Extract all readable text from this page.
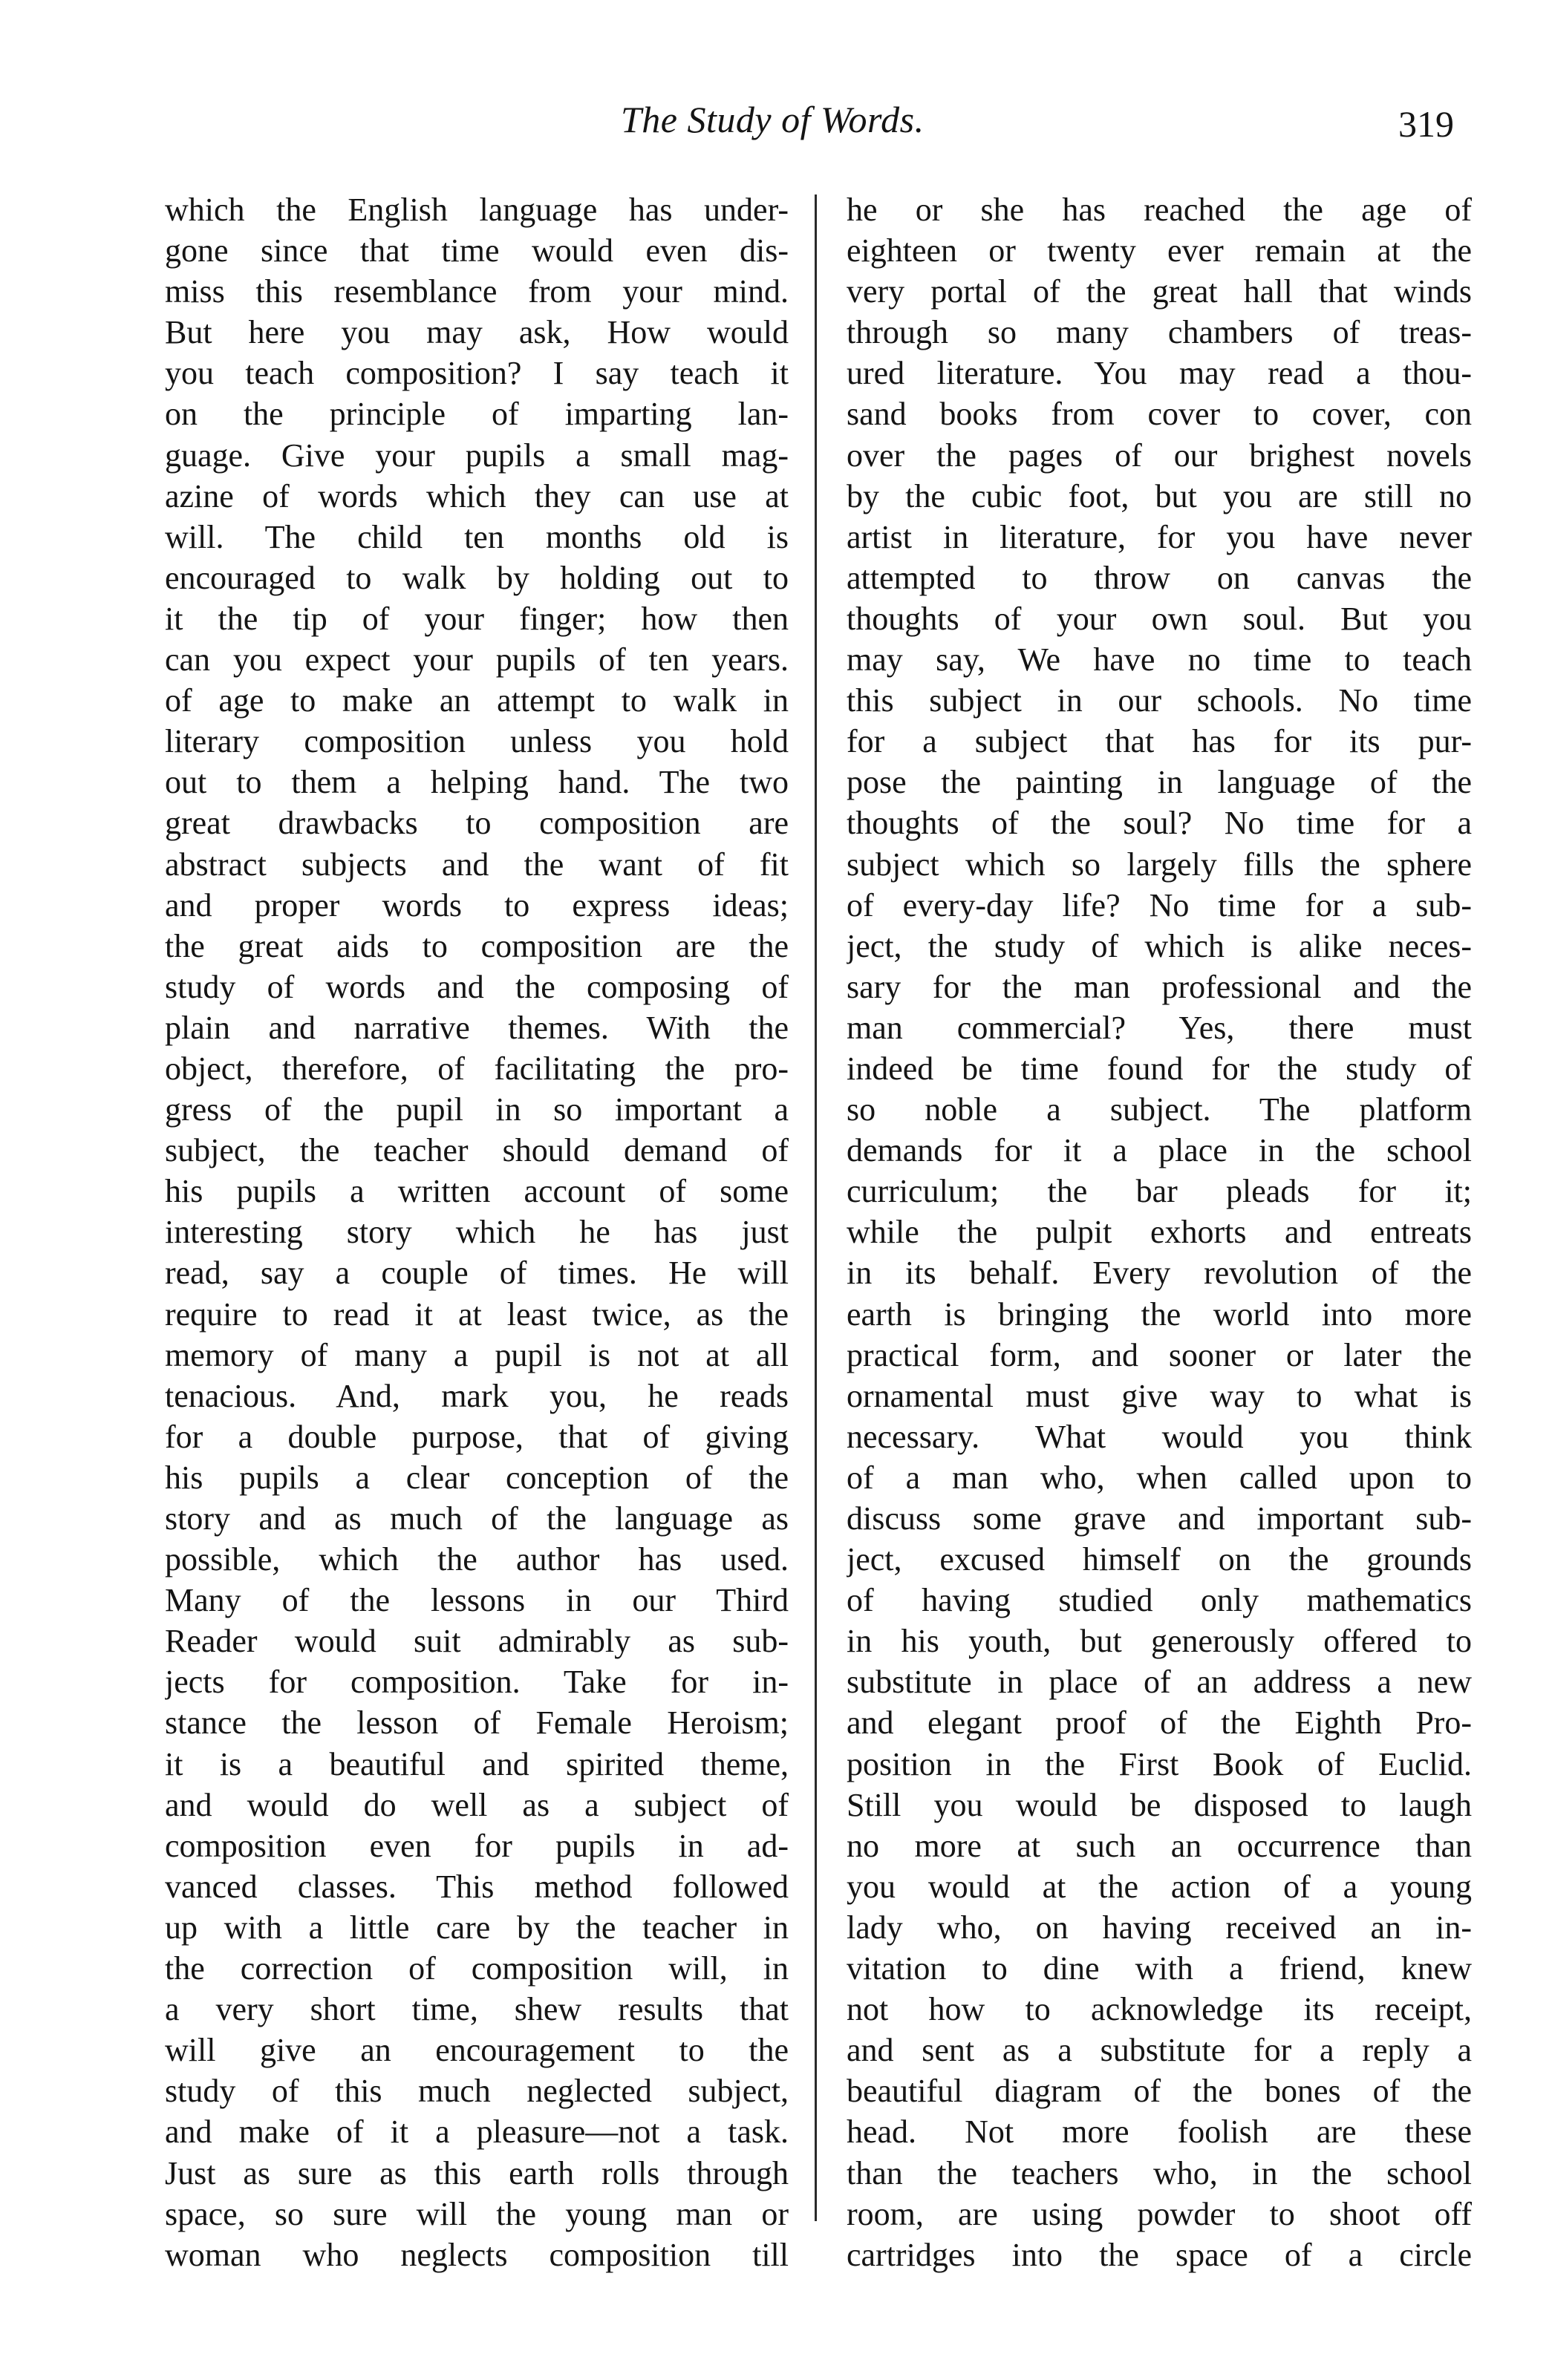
The Study of Words.	319
which the English language has under-
gone since that time would even dis-
miss this resemblance from your mind.
But here you may ask, How would
you teach composition? I say teach it
on the principle of imparting lan-
guage. Give your pupils a small mag-
azine of words which they can use at
will. The child ten months old is
encouraged to walk by holding out to
it the tip of your finger; how then
can you expect your pupils of ten years.
of age to make an attempt to walk in
literary composition unless you hold
out to them a helping hand. The two
great drawbacks to composition are
abstract subjects and the want of fit
and proper words to express ideas;
the great aids to composition are the
study of words and the composing of
plain and narrative themes. With the
object, therefore, of facilitating the pro-
gress of the pupil in so important a
subject, the teacher should demand of
his pupils a written account of some
interesting story which he has just
read, say a couple of times. He will
require to read it at least twice, as the
memory of many a pupil is not at all
tenacious. And, mark you, he reads
for a double purpose, that of giving
his pupils a clear conception of the
story and as much of the language as
possible, which the author has used.
Many of the lessons in our Third
Reader would suit admirably as sub-
jects for composition. Take for in-
stance the lesson of Female Heroism;
it is a beautiful and spirited theme,
and would do well as a subject of
composition even for pupils in ad-
vanced classes. This method followed
up with a little care by the teacher in
the correction of composition will, in
a very short time, shew results that
will give an encouragement to the
study of this much neglected subject,
and make of it a pleasure—not a task.
Just as sure as this earth rolls through
space, so sure will the young man or
woman who neglects composition till
he or she has reached the age of
eighteen or twenty ever remain at the
very portal of the great hall that winds
through so many chambers of treas-
ured literature. You may read a thou-
sand books from cover to cover, con
over the pages of our brighest novels
by the cubic foot, but you are still no
artist in literature, for you have never
attempted to throw on canvas the
thoughts of your own soul. But you
may say, We have no time to teach
this subject in our schools. No time
for a subject that has for its pur-
pose the painting in language of the
thoughts of the soul? No time for a
subject which so largely fills the sphere
of every-day life? No time for a sub-
ject, the study of which is alike neces-
sary for the man professional and the
man commercial? Yes, there must
indeed be time found for the study of
so noble a subject. The platform
demands for it a place in the school
curriculum; the bar pleads for it;
while the pulpit exhorts and entreats
in its behalf. Every revolution of the
earth is bringing the world into more
practical form, and sooner or later the
ornamental must give way to what is
necessary. What would you think
of a man who, when called upon to
discuss some grave and important sub-
ject, excused himself on the grounds
of having studied only mathematics
in his youth, but generously offered to
substitute in place of an address a new
and elegant proof of the Eighth Pro-
position in the First Book of Euclid.
Still you would be disposed to laugh
no more at such an occurrence than
you would at the action of a young
lady who, on having received an in-
vitation to dine with a friend, knew
not how to acknowledge its receipt,
and sent as a substitute for a reply a
beautiful diagram of the bones of the
head. Not more foolish are these
than the teachers who, in the school
room, are using powder to shoot off
cartridges into the space of a circle
